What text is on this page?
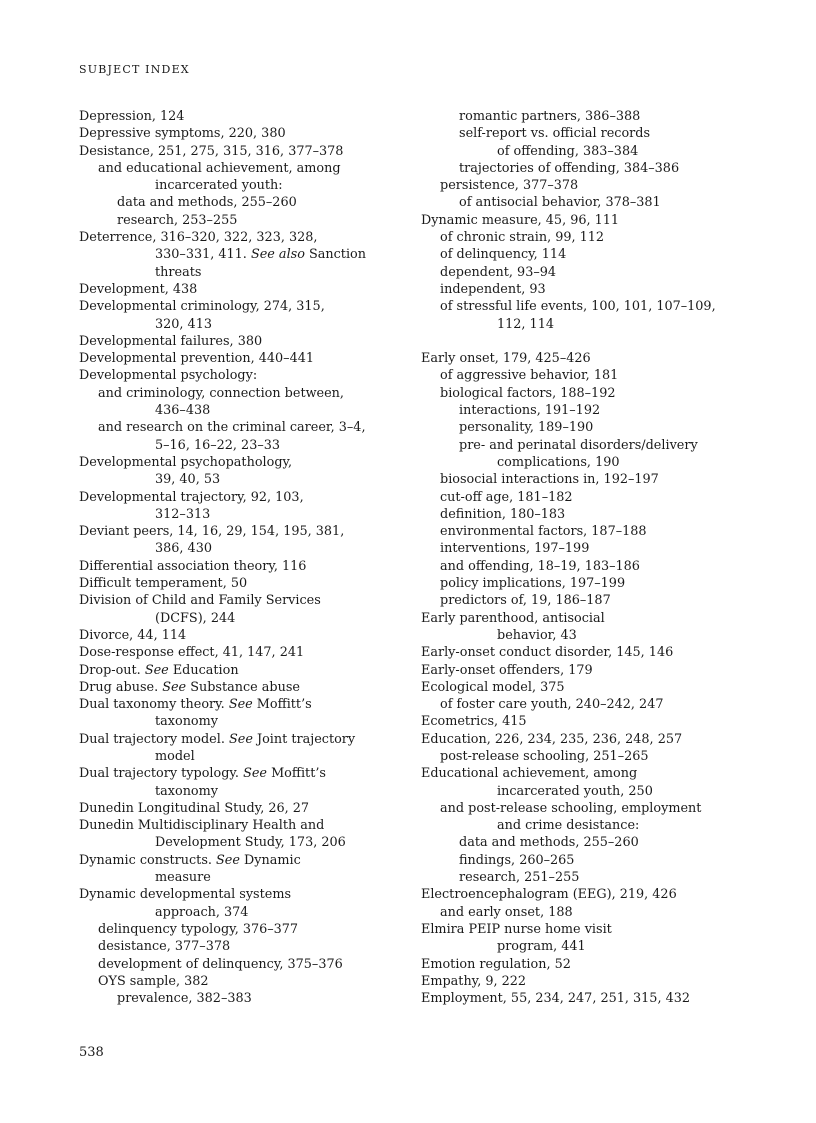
SUBJECT INDEX
Depression, 124
Depressive symptoms, 220, 380
Desistance, 251, 275, 315, 316, 377–378
and educational achievement, among
incarcerated youth:
data and methods, 255–260
research, 253–255
Deterrence, 316–320, 322, 323, 328,
330–331, 411. See also Sanction
threats
Development, 438
Developmental criminology, 274, 315,
320, 413
Developmental failures, 380
Developmental prevention, 440–441
Developmental psychology:
and criminology, connection between,
436–438
and research on the criminal career, 3–4,
5–16, 16–22, 23–33
Developmental psychopathology,
39, 40, 53
Developmental trajectory, 92, 103,
312–313
Deviant peers, 14, 16, 29, 154, 195, 381,
386, 430
Differential association theory, 116
Difficult temperament, 50
Division of Child and Family Services
(DCFS), 244
Divorce, 44, 114
Dose-response effect, 41, 147, 241
Drop-out. See Education
Drug abuse. See Substance abuse
Dual taxonomy theory. See Moffitt’s
taxonomy
Dual trajectory model. See Joint trajectory
model
Dual trajectory typology. See Moffitt’s
taxonomy
Dunedin Longitudinal Study, 26, 27
Dunedin Multidisciplinary Health and
Development Study, 173, 206
Dynamic constructs. See Dynamic
measure
Dynamic developmental systems
approach, 374
delinquency typology, 376–377
desistance, 377–378
development of delinquency, 375–376
OYS sample, 382
prevalence, 382–383
romantic partners, 386–388
self-report vs. official records
of offending, 383–384
trajectories of offending, 384–386
persistence, 377–378
of antisocial behavior, 378–381
Dynamic measure, 45, 96, 111
of chronic strain, 99, 112
of delinquency, 114
dependent, 93–94
independent, 93
of stressful life events, 100, 101, 107–109,
112, 114
Early onset, 179, 425–426
of aggressive behavior, 181
biological factors, 188–192
interactions, 191–192
personality, 189–190
pre- and perinatal disorders/delivery
complications, 190
biosocial interactions in, 192–197
cut-off age, 181–182
definition, 180–183
environmental factors, 187–188
interventions, 197–199
and offending, 18–19, 183–186
policy implications, 197–199
predictors of, 19, 186–187
Early parenthood, antisocial
behavior, 43
Early-onset conduct disorder, 145, 146
Early-onset offenders, 179
Ecological model, 375
of foster care youth, 240–242, 247
Ecometrics, 415
Education, 226, 234, 235, 236, 248, 257
post-release schooling, 251–265
Educational achievement, among
incarcerated youth, 250
and post-release schooling, employment
and crime desistance:
data and methods, 255–260
findings, 260–265
research, 251–255
Electroencephalogram (EEG), 219, 426
and early onset, 188
Elmira PEIP nurse home visit
program, 441
Emotion regulation, 52
Empathy, 9, 222
Employment, 55, 234, 247, 251, 315, 432
538
